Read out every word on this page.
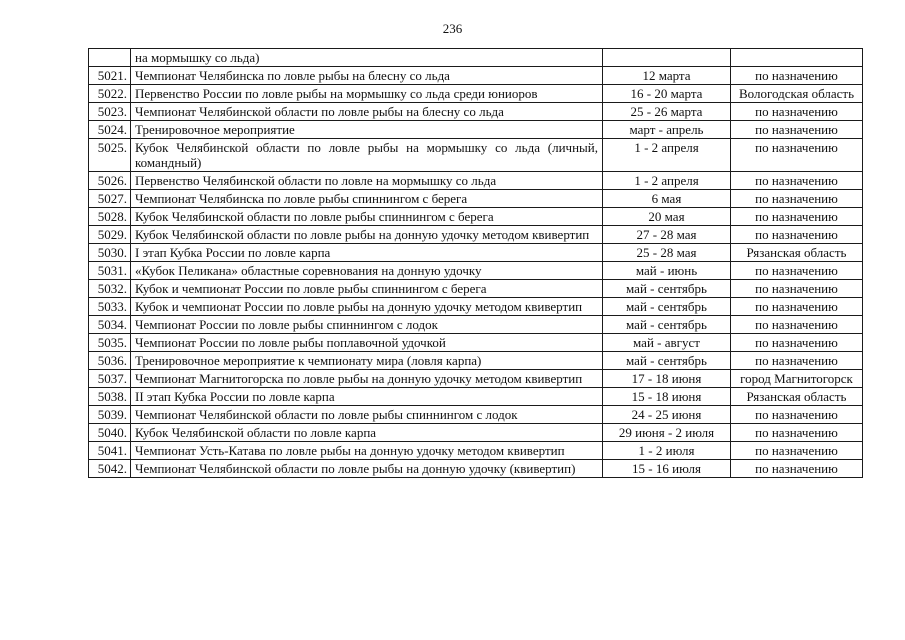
236
	на мормышку со льда)		
5021.	Чемпионат Челябинска по ловле рыбы на блесну со льда	12 марта	по назначению
5022.	Первенство России по ловле рыбы на мормышку со льда среди юниоров	16 - 20 марта	Вологодская область
5023.	Чемпионат Челябинской области по ловле рыбы на блесну со льда	25 - 26 марта	по назначению
5024.	Тренировочное мероприятие	март - апрель	по назначению
5025.	Кубок Челябинской области по ловле рыбы на мормышку со льда (личный, командный)	1 - 2 апреля	по назначению
5026.	Первенство Челябинской области по ловле на мормышку со льда	1 - 2 апреля	по назначению
5027.	Чемпионат Челябинска по ловле рыбы спиннингом с берега	6 мая	по назначению
5028.	Кубок Челябинской области по ловле рыбы спиннингом с берега	20 мая	по назначению
5029.	Кубок Челябинской области по ловле рыбы на донную удочку методом квивертип	27 - 28 мая	по назначению
5030.	I этап Кубка России по ловле карпа	25 - 28 мая	Рязанская область
5031.	«Кубок Пеликана» областные соревнования на донную удочку	май - июнь	по назначению
5032.	Кубок и чемпионат России по ловле рыбы спиннингом с берега	май - сентябрь	по назначению
5033.	Кубок и чемпионат России по ловле рыбы на донную удочку методом квивертип	май - сентябрь	по назначению
5034.	Чемпионат России по ловле рыбы спиннингом с лодок	май - сентябрь	по назначению
5035.	Чемпионат России по ловле рыбы поплавочной удочкой	май - август	по назначению
5036.	Тренировочное мероприятие к чемпионату мира (ловля карпа)	май - сентябрь	по назначению
5037.	Чемпионат Магнитогорска по ловле рыбы на донную удочку методом квивертип	17 - 18 июня	город Магнитогорск
5038.	II этап Кубка России по ловле карпа	15 - 18 июня	Рязанская область
5039.	Чемпионат Челябинской области по ловле рыбы спиннингом с лодок	24 - 25 июня	по назначению
5040.	Кубок Челябинской области по ловле карпа	29 июня - 2 июля	по назначению
5041.	Чемпионат Усть-Катава по ловле рыбы на донную удочку методом квивертип	1 - 2 июля	по назначению
5042.	Чемпионат Челябинской области по ловле рыбы на донную удочку (квивертип)	15 - 16 июля	по назначению
